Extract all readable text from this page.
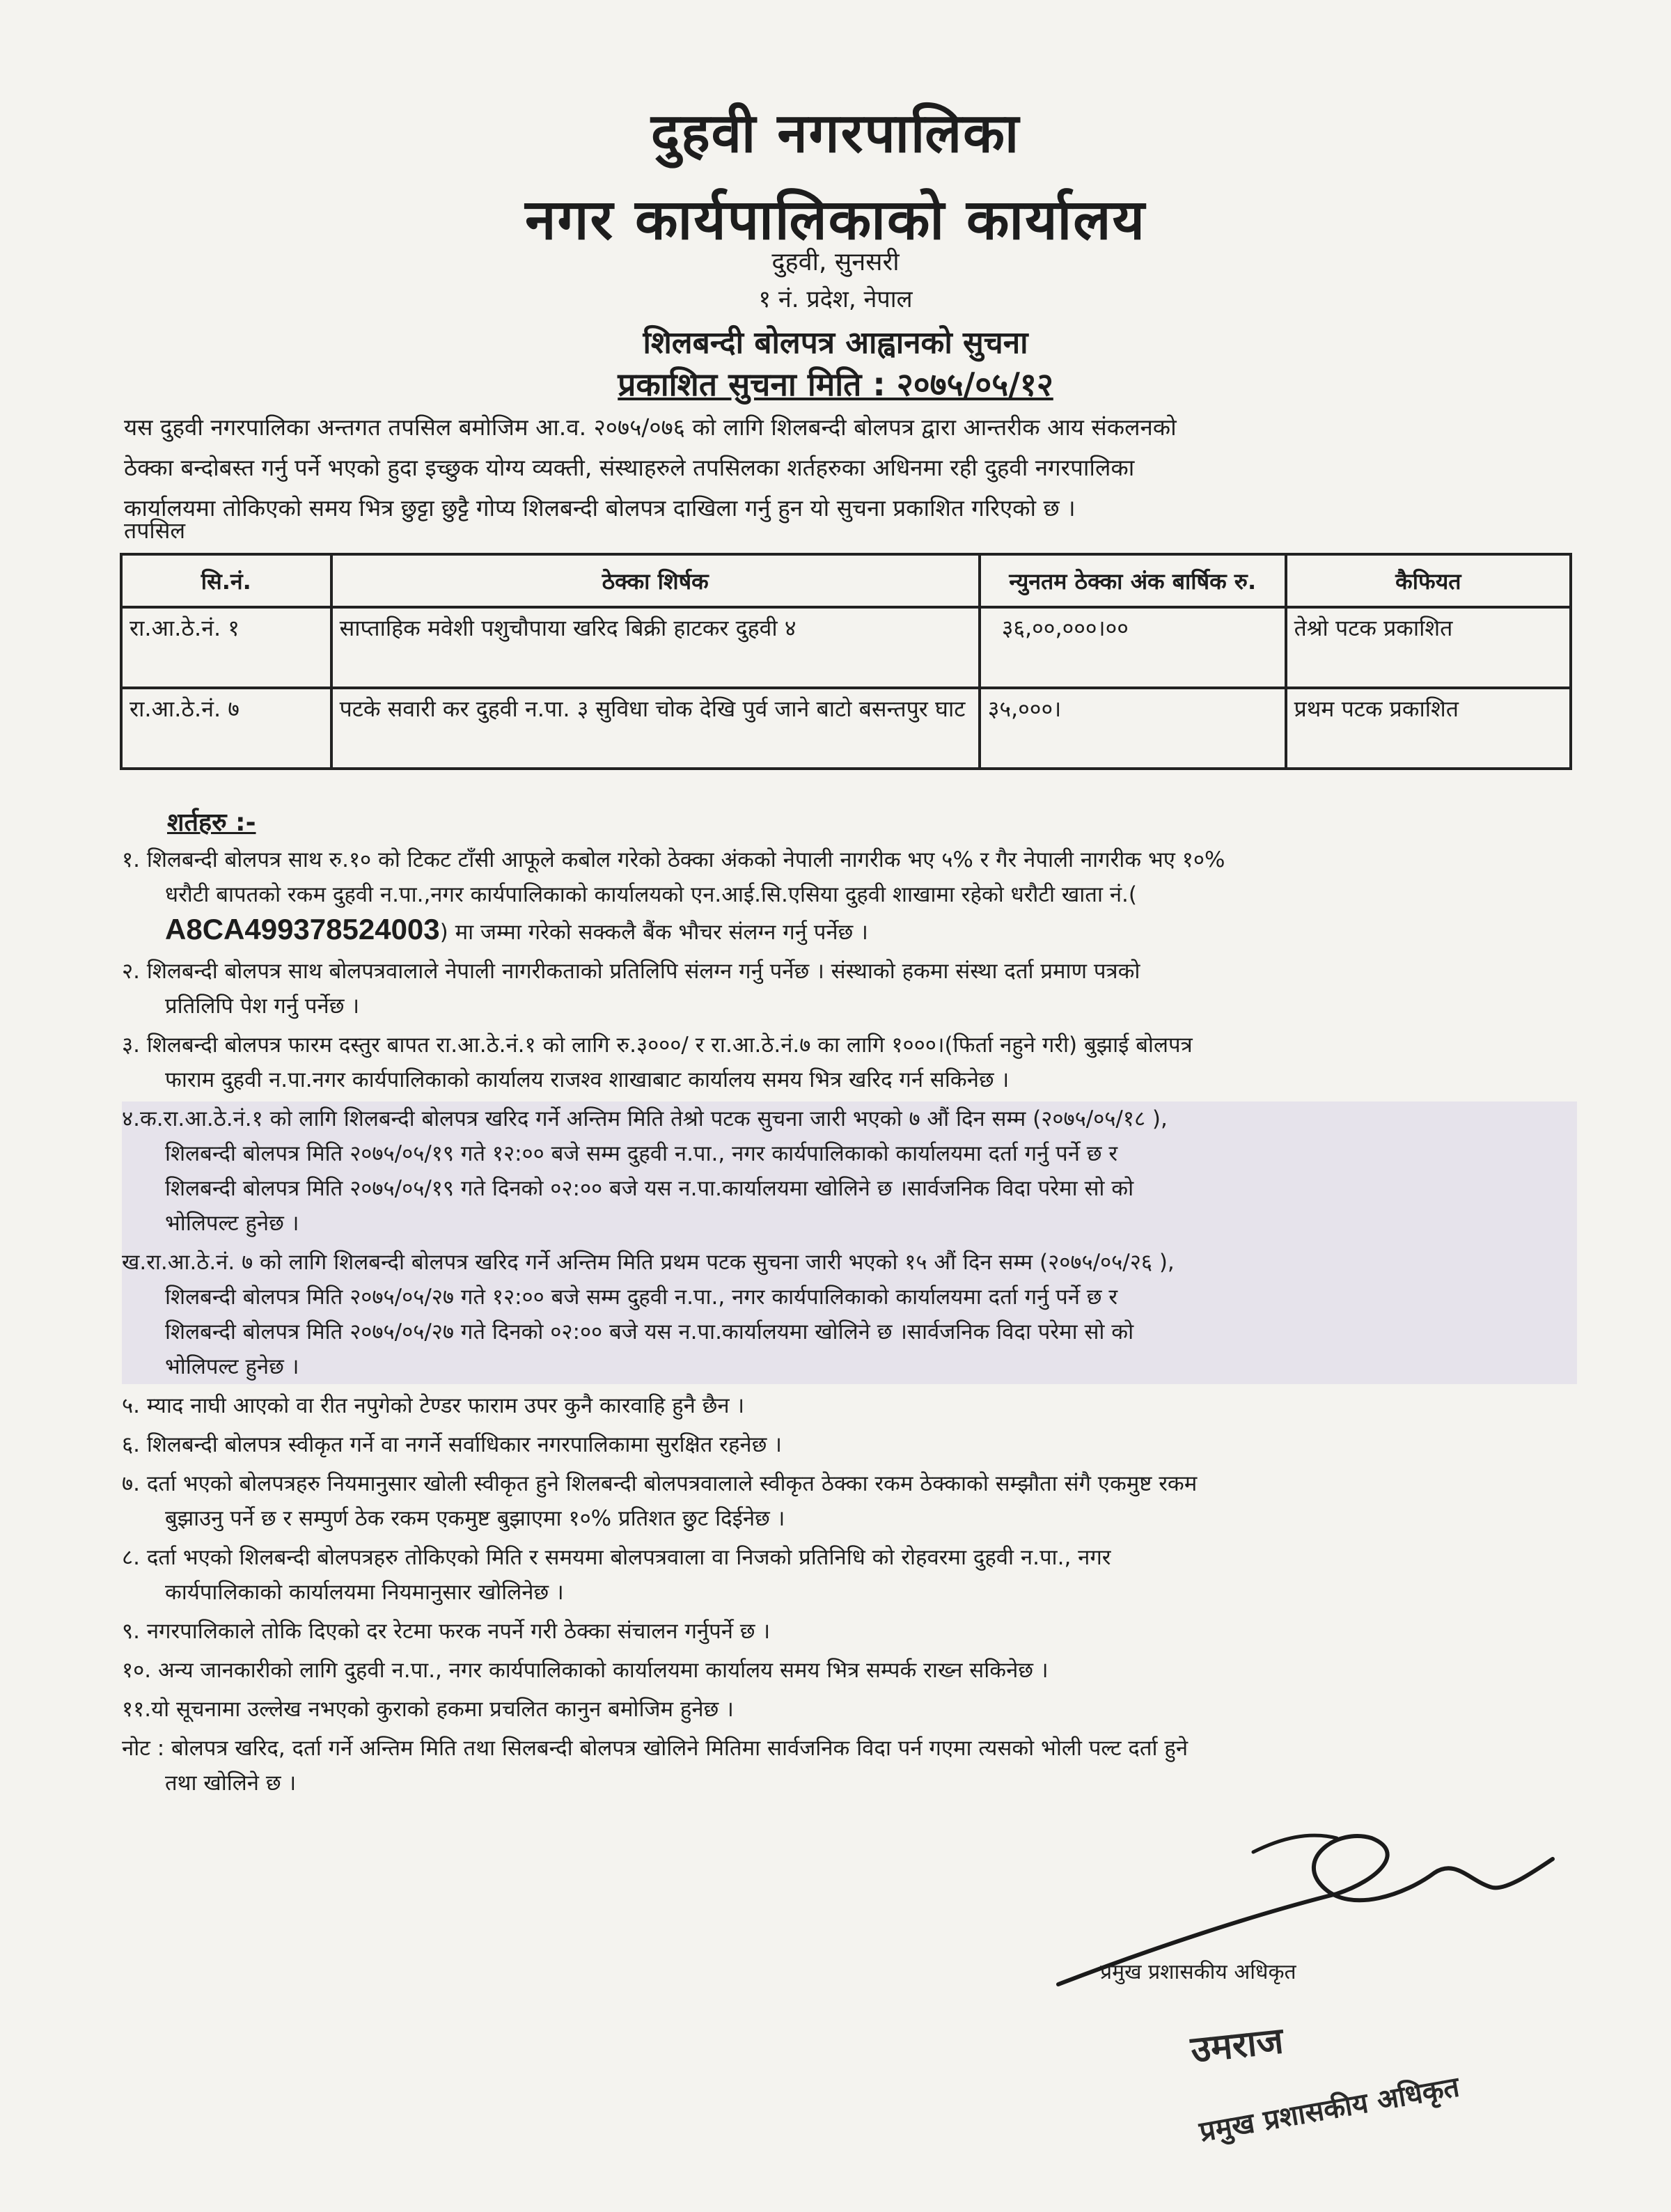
दुहवी नगरपालिका
नगर कार्यपालिकाको कार्यालय
दुहवी, सुनसरी
१ नं. प्रदेश, नेपाल
शिलबन्दी बोलपत्र आह्वानको सुचना
प्रकाशित सुचना मिति : २०७५/०५/१२
यस दुहवी नगरपालिका अन्तगत तपसिल बमोजिम आ.व. २०७५/०७६ को लागि शिलबन्दी बोलपत्र द्वारा आन्तरीक आय संकलनको
ठेक्का बन्दोबस्त गर्नु पर्ने भएको हुदा इच्छुक योग्य व्यक्ती, संस्थाहरुले तपसिलका शर्तहरुका अधिनमा रही दुहवी नगरपालिका
कार्यालयमा तोकिएको समय भित्र छुट्टा छुट्टै गोप्य शिलबन्दी बोलपत्र दाखिला गर्नु हुन यो सुचना प्रकाशित गरिएको छ ।
तपसिल
सि.नं.	ठेक्का शिर्षक	न्युनतम ठेक्का अंक बार्षिक रु.	कैफियत
रा.आ.ठे.नं. १	साप्ताहिक मवेशी पशुचौपाया खरिद बिक्री हाटकर दुहवी ४	३६,००,०००।००	तेश्रो पटक प्रकाशित
रा.आ.ठे.नं. ७	पटके सवारी कर दुहवी न.पा. ३ सुविधा चोक देखि पुर्व जाने बाटो बसन्तपुर घाट	३५,०००।	प्रथम पटक प्रकाशित
शर्तहरु :-
१. शिलबन्दी बोलपत्र साथ रु.१० को टिकट टाँसी आफूले कबोल गरेको ठेक्का अंकको नेपाली नागरीक भए ५% र गैर नेपाली नागरीक भए १०%
धरौटी बापतको रकम दुहवी न.पा.,नगर कार्यपालिकाको कार्यालयको एन.आई.सि.एसिया दुहवी शाखामा रहेको धरौटी खाता नं.(
A8CA499378524003) मा जम्मा गरेको सक्कलै बैंक भौचर संलग्न गर्नु पर्नेछ ।
२. शिलबन्दी बोलपत्र साथ बोलपत्रवालाले नेपाली नागरीकताको प्रतिलिपि संलग्न गर्नु पर्नेछ । संस्थाको हकमा संस्था दर्ता प्रमाण पत्रको
प्रतिलिपि पेश गर्नु पर्नेछ ।
३. शिलबन्दी बोलपत्र फारम दस्तुर बापत रा.आ.ठे.नं.१ को लागि रु.३०००/ र रा.आ.ठे.नं.७ का लागि १०००।(फिर्ता नहुने गरी) बुझाई बोलपत्र
फाराम दुहवी न.पा.नगर कार्यपालिकाको कार्यालय राजश्व शाखाबाट कार्यालय समय भित्र खरिद गर्न सकिनेछ ।
४.क.रा.आ.ठे.नं.१ को लागि शिलबन्दी बोलपत्र खरिद गर्ने अन्तिम मिति तेश्रो पटक सुचना जारी भएको ७ औं दिन सम्म (२०७५/०५/१८ ),
शिलबन्दी बोलपत्र मिति २०७५/०५/१९ गते १२:०० बजे सम्म दुहवी न.पा., नगर कार्यपालिकाको कार्यालयमा दर्ता गर्नु पर्ने छ र
शिलबन्दी बोलपत्र मिति २०७५/०५/१९ गते दिनको ०२:०० बजे यस न.पा.कार्यालयमा खोलिने छ ।सार्वजनिक विदा परेमा सो को
भोलिपल्ट हुनेछ ।
ख.रा.आ.ठे.नं. ७ को लागि शिलबन्दी बोलपत्र खरिद गर्ने अन्तिम मिति प्रथम पटक सुचना जारी भएको १५ औं दिन सम्म (२०७५/०५/२६ ),
शिलबन्दी बोलपत्र मिति २०७५/०५/२७ गते १२:०० बजे सम्म दुहवी न.पा., नगर कार्यपालिकाको कार्यालयमा दर्ता गर्नु पर्ने छ र
शिलबन्दी बोलपत्र मिति २०७५/०५/२७ गते दिनको ०२:०० बजे यस न.पा.कार्यालयमा खोलिने छ ।सार्वजनिक विदा परेमा सो को
भोलिपल्ट हुनेछ ।
५. म्याद नाघी आएको वा रीत नपुगेको टेण्डर फाराम उपर कुनै कारवाहि हुनै छैन ।
६. शिलबन्दी बोलपत्र स्वीकृत गर्ने वा नगर्ने सर्वाधिकार नगरपालिकामा सुरक्षित रहनेछ ।
७. दर्ता भएको बोलपत्रहरु नियमानुसार खोली स्वीकृत हुने शिलबन्दी बोलपत्रवालाले स्वीकृत ठेक्का रकम ठेक्काको सम्झौता संगै एकमुष्ट रकम
बुझाउनु पर्ने छ र सम्पुर्ण ठेक रकम एकमुष्ट बुझाएमा १०% प्रतिशत छुट दिईनेछ ।
८. दर्ता भएको शिलबन्दी बोलपत्रहरु तोकिएको मिति र समयमा बोलपत्रवाला वा निजको प्रतिनिधि को रोहवरमा दुहवी न.पा., नगर
कार्यपालिकाको कार्यालयमा नियमानुसार खोलिनेछ ।
९. नगरपालिकाले तोकि दिएको दर रेटमा फरक नपर्ने गरी ठेक्का संचालन गर्नुपर्ने छ ।
१०. अन्य जानकारीको लागि दुहवी न.पा., नगर कार्यपालिकाको कार्यालयमा कार्यालय समय भित्र सम्पर्क राख्न सकिनेछ ।
११.यो सूचनामा उल्लेख नभएको कुराको हकमा प्रचलित कानुन बमोजिम हुनेछ ।
नोट : बोलपत्र खरिद, दर्ता गर्ने अन्तिम मिति तथा सिलबन्दी बोलपत्र खोलिने मितिमा सार्वजनिक विदा पर्न गएमा त्यसको भोली पल्ट दर्ता हुने
तथा खोलिने छ ।
प्रमुख प्रशासकीय अधिकृत
उमराज
प्रमुख प्रशासकीय अधिकृत
